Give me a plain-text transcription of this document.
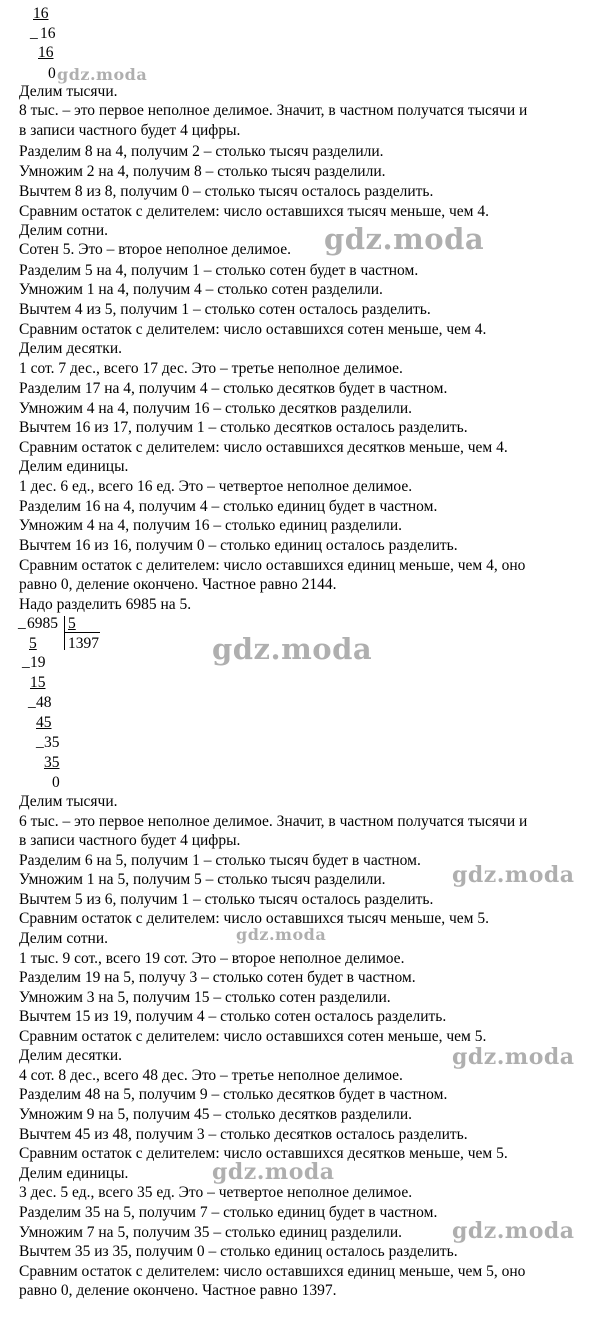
16
_ 16
16
0
Делим тысячи.
8 тыс. – это первое неполное делимое. Значит, в частном получатся тысячи и
в записи частного будет 4 цифры.
Разделим 8 на 4, получим 2 – столько тысяч разделили.
Умножим 2 на 4, получим 8 – столько тысяч разделили.
Вычтем 8 из 8, получим 0 – столько тысяч осталось разделить.
Сравним остаток с делителем: число оставшихся тысяч меньше, чем 4.
Делим сотни.
Сотен 5. Это – второе неполное делимое.
Разделим 5 на 4, получим 1 – столько сотен будет в частном.
Умножим 1 на 4, получим 4 – столько сотен разделили.
Вычтем 4 из 5, получим 1 – столько сотен осталось разделить.
Сравним остаток с делителем: число оставшихся сотен меньше, чем 4.
Делим десятки.
1 сот. 7 дес., всего 17 дес. Это – третье неполное делимое.
Разделим 17 на 4, получим 4 – столько десятков будет в частном.
Умножим 4 на 4, получим 16 – столько десятков разделили.
Вычтем 16 из 17, получим 1 – столько десятков осталось разделить.
Сравним остаток с делителем: число оставшихся десятков меньше, чем 4.
Делим единицы.
1 дес. 6 ед., всего 16 ед. Это – четвертое неполное делимое.
Разделим 16 на 4, получим 4 – столько единиц будет в частном.
Умножим 4 на 4, получим 16 – столько единиц разделили.
Вычтем 16 из 16, получим 0 – столько единиц осталось разделить.
Сравним остаток с делителем: число оставшихся единиц меньше, чем 4, оно
равно 0, деление окончено. Частное равно 2144.
Надо разделить 6985 на 5.
_ 6985 5
5 1397
_ 19
15
_ 48
45
_ 35
35
0
Делим тысячи.
6 тыс. – это первое неполное делимое. Значит, в частном получатся тысячи и
в записи частного будет 4 цифры.
Разделим 6 на 5, получим 1 – столько тысяч будет в частном.
Умножим 1 на 5, получим 5 – столько тысяч разделили.
Вычтем 5 из 6, получим 1 – столько тысяч осталось разделить.
Сравним остаток с делителем: число оставшихся тысяч меньше, чем 5.
Делим сотни.
1 тыс. 9 сот., всего 19 сот. Это – второе неполное делимое.
Разделим 19 на 5, получу 3 – столько сотен будет в частном.
Умножим 3 на 5, получим 15 – столько сотен разделили.
Вычтем 15 из 19, получим 4 – столько сотен осталось разделить.
Сравним остаток с делителем: число оставшихся сотен меньше, чем 5.
Делим десятки.
4 сот. 8 дес., всего 48 дес. Это – третье неполное делимое.
Разделим 48 на 5, получим 9 – столько десятков будет в частном.
Умножим 9 на 5, получим 45 – столько десятков разделили.
Вычтем 45 из 48, получим 3 – столько десятков осталось разделить.
Сравним остаток с делителем: число оставшихся десятков меньше, чем 5.
Делим единицы.
3 дес. 5 ед., всего 35 ед. Это – четвертое неполное делимое.
Разделим 35 на 5, получим 7 – столько единиц будет в частном.
Умножим 7 на 5, получим 35 – столько единиц разделили.
Вычтем 35 из 35, получим 0 – столько единиц осталось разделить.
Сравним остаток с делителем: число оставшихся единиц меньше, чем 5, оно
равно 0, деление окончено. Частное равно 1397.
gdz.moda
gdz.moda
gdz.moda
gdz.moda
gdz.moda
gdz.moda
gdz.moda
gdz.moda
